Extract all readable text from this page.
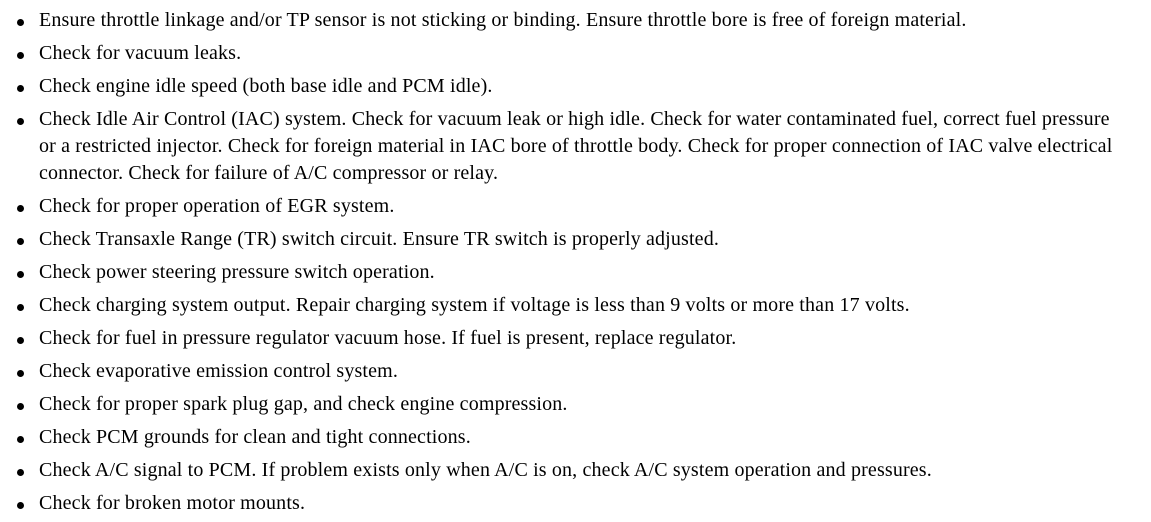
Ensure throttle linkage and/or TP sensor is not sticking or binding. Ensure throttle bore is free of foreign material.
Check for vacuum leaks.
Check engine idle speed (both base idle and PCM idle).
Check Idle Air Control (IAC) system. Check for vacuum leak or high idle. Check for water contaminated fuel, correct fuel pressure or a restricted injector. Check for foreign material in IAC bore of throttle body. Check for proper connection of IAC valve electrical connector. Check for failure of A/C compressor or relay.
Check for proper operation of EGR system.
Check Transaxle Range (TR) switch circuit. Ensure TR switch is properly adjusted.
Check power steering pressure switch operation.
Check charging system output. Repair charging system if voltage is less than 9 volts or more than 17 volts.
Check for fuel in pressure regulator vacuum hose. If fuel is present, replace regulator.
Check evaporative emission control system.
Check for proper spark plug gap, and check engine compression.
Check PCM grounds for clean and tight connections.
Check A/C signal to PCM. If problem exists only when A/C is on, check A/C system operation and pressures.
Check for broken motor mounts.
